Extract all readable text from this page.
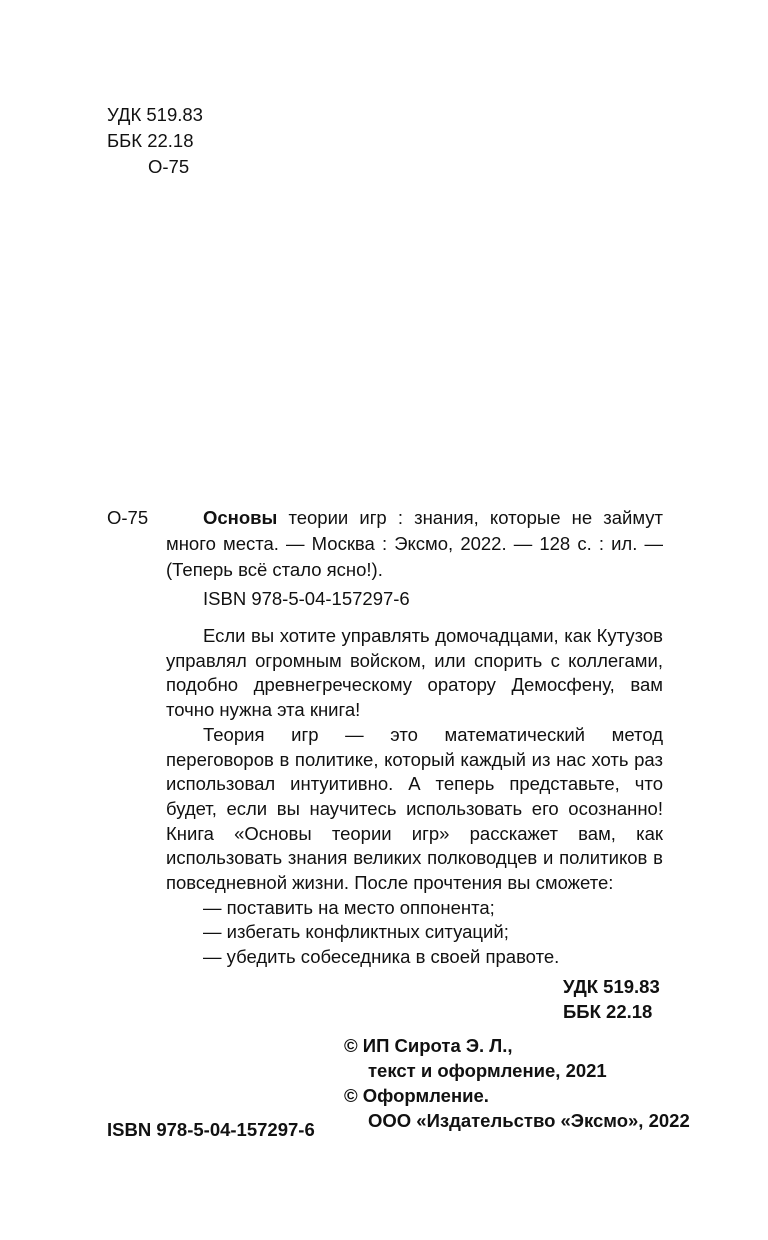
УДК 519.83
ББК 22.18
О-75
О-75	Основы теории игр : знания, которые не займут много места. — Москва : Эксмо, 2022. — 128 с. : ил. — (Теперь всё стало ясно!).
ISBN 978-5-04-157297-6

Если вы хотите управлять домочадцами, как Кутузов управлял огромным войском, или спорить с коллегами, подобно древнегреческому оратору Демосфену, вам точно нужна эта книга!

Теория игр — это математический метод переговоров в политике, который каждый из нас хоть раз использовал интуитивно. А теперь представьте, что будет, если вы научитесь использовать его осознанно! Книга «Основы теории игр» расскажет вам, как использовать знания великих полководцев и политиков в повседневной жизни. После прочтения вы сможете:

— поставить на место оппонента;

— избегать конфликтных ситуаций;

— убедить собеседника в своей правоте.

УДК 519.83
ББК 22.18
© ИП Сирота Э. Л.,
текст и оформление, 2021
© Оформление.
ООО «Издательство «Эксмо», 2022
ISBN 978-5-04-157297-6
